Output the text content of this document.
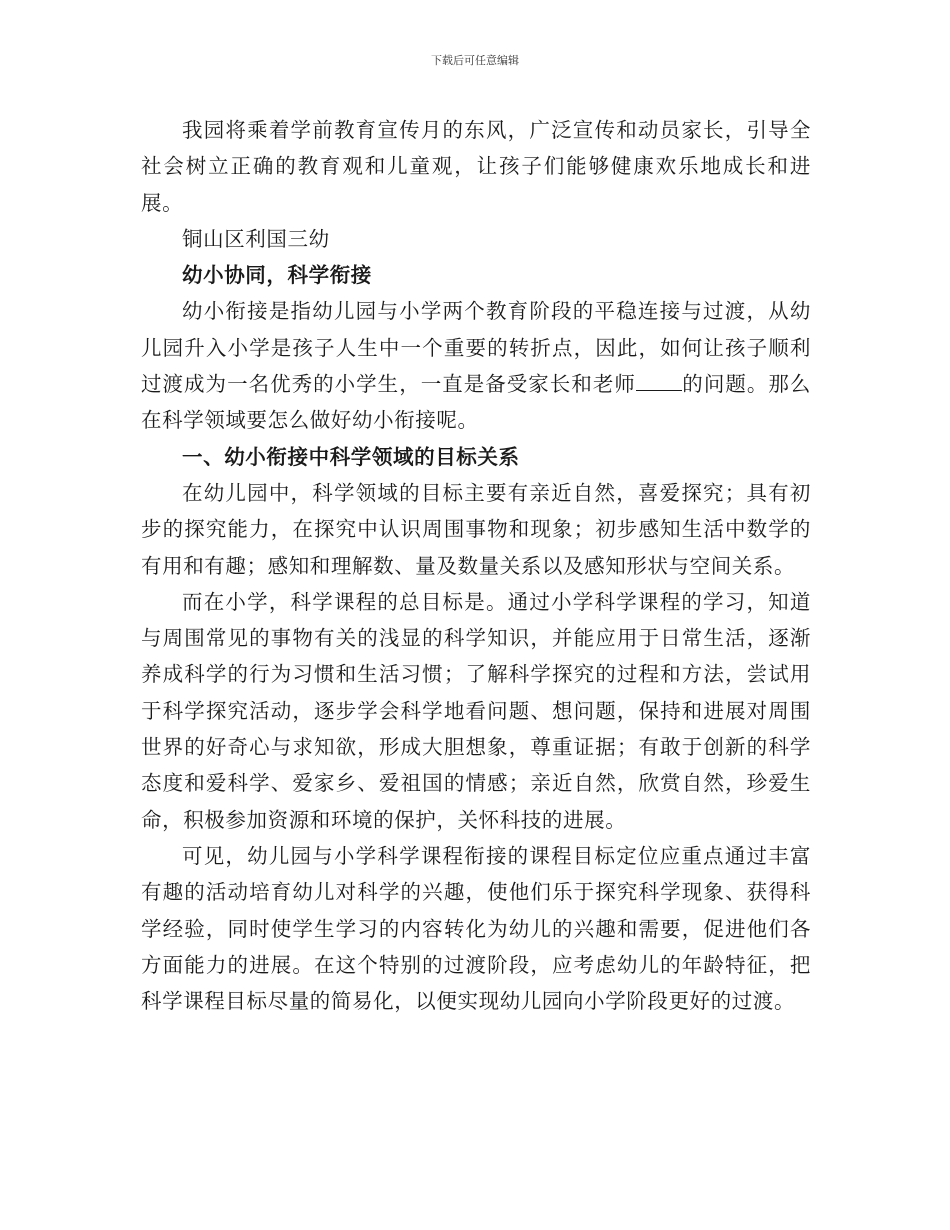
下载后可任意编辑

我园将乘着学前教育宣传月的东风，广泛宣传和动员家长，引导全社会树立正确的教育观和儿童观，让孩子们能够健康欢乐地成长和进展。

铜山区利国三幼

幼小协同，科学衔接

幼小衔接是指幼儿园与小学两个教育阶段的平稳连接与过渡，从幼儿园升入小学是孩子人生中一个重要的转折点，因此，如何让孩子顺利过渡成为一名优秀的小学生，一直是备受家长和老师 的问题。那么在科学领域要怎么做好幼小衔接呢。

一、幼小衔接中科学领域的目标关系

在幼儿园中，科学领域的目标主要有亲近自然，喜爱探究；具有初步的探究能力，在探究中认识周围事物和现象；初步感知生活中数学的有用和有趣；感知和理解数、量及数量关系以及感知形状与空间关系。

而在小学，科学课程的总目标是。通过小学科学课程的学习，知道与周围常见的事物有关的浅显的科学知识，并能应用于日常生活，逐渐养成科学的行为习惯和生活习惯；了解科学探究的过程和方法，尝试用于科学探究活动，逐步学会科学地看问题、想问题，保持和进展对周围世界的好奇心与求知欲，形成大胆想象，尊重证据；有敢于创新的科学态度和爱科学、爱家乡、爱祖国的情感；亲近自然，欣赏自然，珍爱生命，积极参加资源和环境的保护，关怀科技的进展。

可见，幼儿园与小学科学课程衔接的课程目标定位应重点通过丰富有趣的活动培育幼儿对科学的兴趣，使他们乐于探究科学现象、获得科学经验，同时使学生学习的内容转化为幼儿的兴趣和需要，促进他们各方面能力的进展。在这个特别的过渡阶段，应考虑幼儿的年龄特征，把科学课程目标尽量的简易化，以便实现幼儿园向小学阶段更好的过渡。
